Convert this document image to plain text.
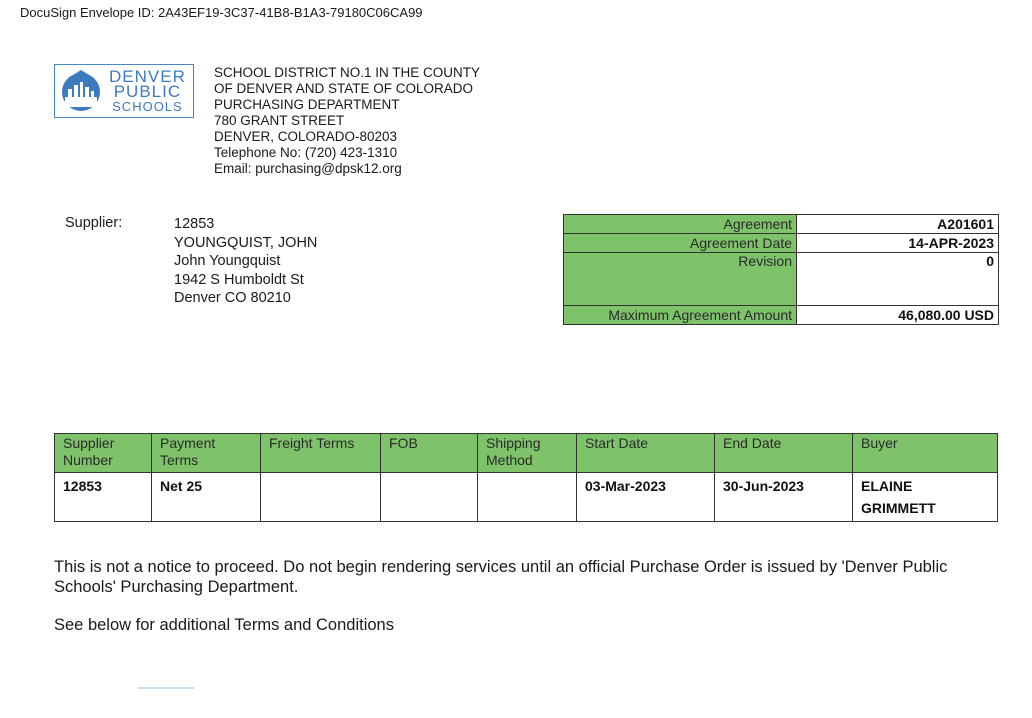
DocuSign Envelope ID: 2A43EF19-3C37-41B8-B1A3-79180C06CA99
DENVER
PUBLIC
SCHOOLS
SCHOOL DISTRICT NO.1 IN THE COUNTY
OF DENVER AND STATE OF COLORADO
PURCHASING DEPARTMENT
780 GRANT STREET
DENVER, COLORADO-80203
Telephone No: (720) 423-1310
Email: purchasing@dpsk12.org
Supplier:	12853
YOUNGQUIST, JOHN
John Youngquist
1942 S Humboldt St
Denver CO 80210
Agreement	A201601
Agreement Date	14-APR-2023
Revision	0
Maximum Agreement Amount	46,080.00 USD
Supplier Number	Payment Terms	Freight Terms	FOB	Shipping Method	Start Date	End Date	Buyer
12853	Net 25				03-Mar-2023	30-Jun-2023	ELAINE GRIMMETT
This is not a notice to proceed. Do not begin rendering services until an official Purchase Order is issued by 'Denver Public Schools' Purchasing Department.
See below for additional Terms and Conditions
